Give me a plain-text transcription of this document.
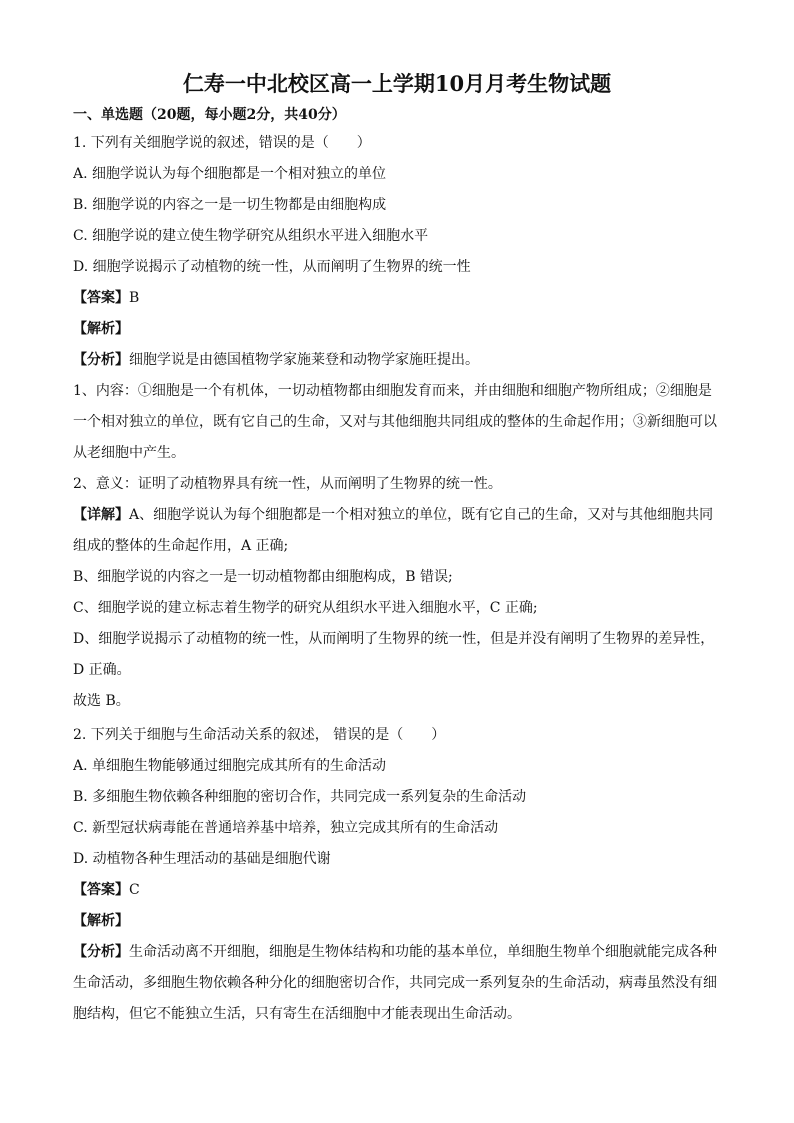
仁寿一中北校区高一上学期10月月考生物试题
一、单选题（20题，每小题2分，共40分）
1. 下列有关细胞学说的叙述，错误的是（　　）
A. 细胞学说认为每个细胞都是一个相对独立的单位
B. 细胞学说的内容之一是一切生物都是由细胞构成
C. 细胞学说的建立使生物学研究从组织水平进入细胞水平
D. 细胞学说揭示了动植物的统一性，从而阐明了生物界的统一性
【答案】B
【解析】
【分析】细胞学说是由德国植物学家施莱登和动物学家施旺提出。
1、内容：①细胞是一个有机体，一切动植物都由细胞发育而来，并由细胞和细胞产物所组成；②细胞是
一个相对独立的单位，既有它自己的生命，又对与其他细胞共同组成的整体的生命起作用；③新细胞可以
从老细胞中产生。
2、意义：证明了动植物界具有统一性，从而阐明了生物界的统一性。
【详解】A、细胞学说认为每个细胞都是一个相对独立的单位，既有它自己的生命，又对与其他细胞共同
组成的整体的生命起作用，A 正确;
B、细胞学说的内容之一是一切动植物都由细胞构成，B 错误;
C、细胞学说的建立标志着生物学的研究从组织水平进入细胞水平，C 正确;
D、细胞学说揭示了动植物的统一性，从而阐明了生物界的统一性，但是并没有阐明了生物界的差异性，
D 正确。
故选 B。
2. 下列关于细胞与生命活动关系的叙述， 错误的是（　　）
A. 单细胞生物能够通过细胞完成其所有的生命活动
B. 多细胞生物依赖各种细胞的密切合作，共同完成一系列复杂的生命活动
C. 新型冠状病毒能在普通培养基中培养，独立完成其所有的生命活动
D. 动植物各种生理活动的基础是细胞代谢
【答案】C
【解析】
【分析】生命活动离不开细胞，细胞是生物体结构和功能的基本单位，单细胞生物单个细胞就能完成各种
生命活动，多细胞生物依赖各种分化的细胞密切合作，共同完成一系列复杂的生命活动，病毒虽然没有细
胞结构，但它不能独立生活，只有寄生在活细胞中才能表现出生命活动。
